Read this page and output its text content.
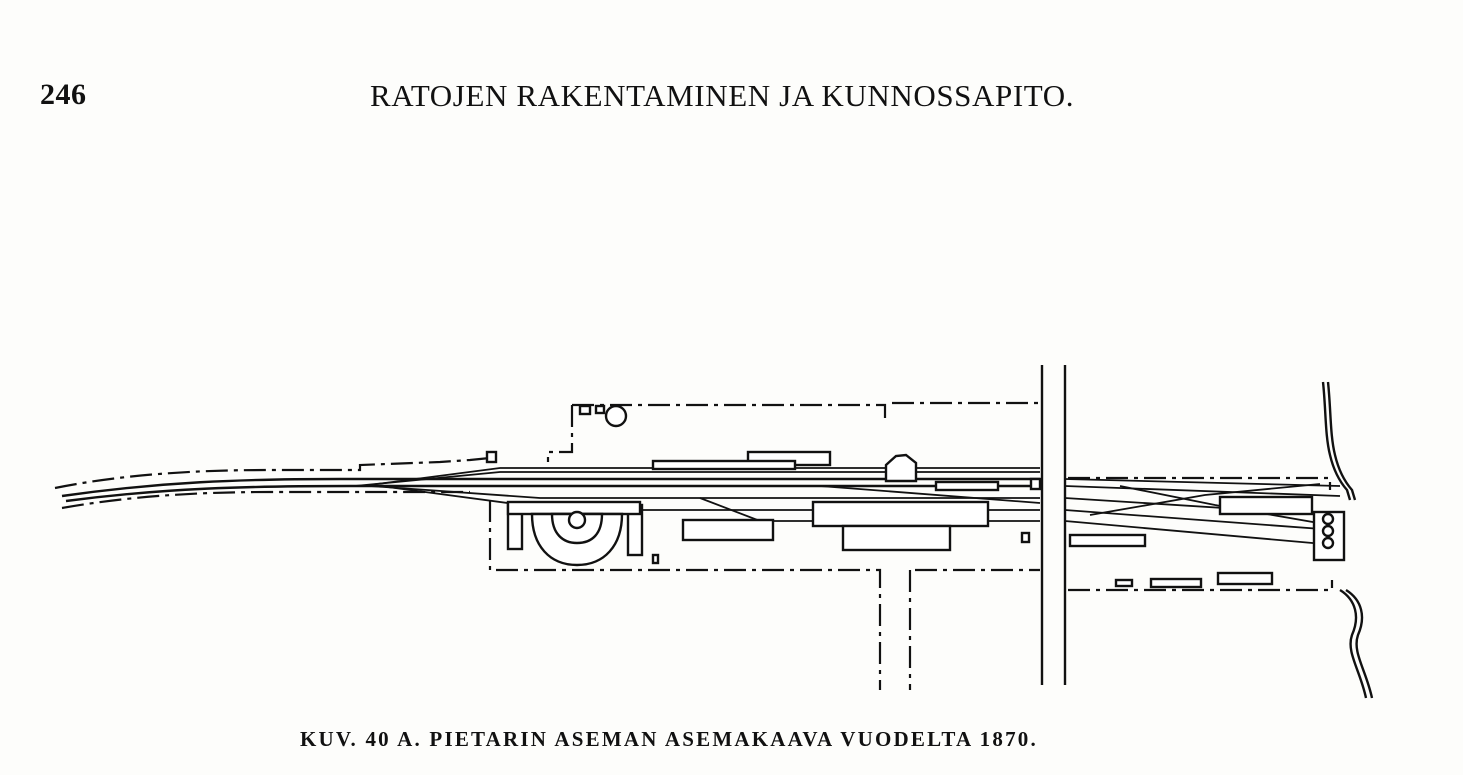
246	RATOJEN RAKENTAMINEN JA KUNNOSSAPITO.
KUV. 40 A. PIETARIN ASEMAN ASEMAKAAVA VUODELTA 1870.
